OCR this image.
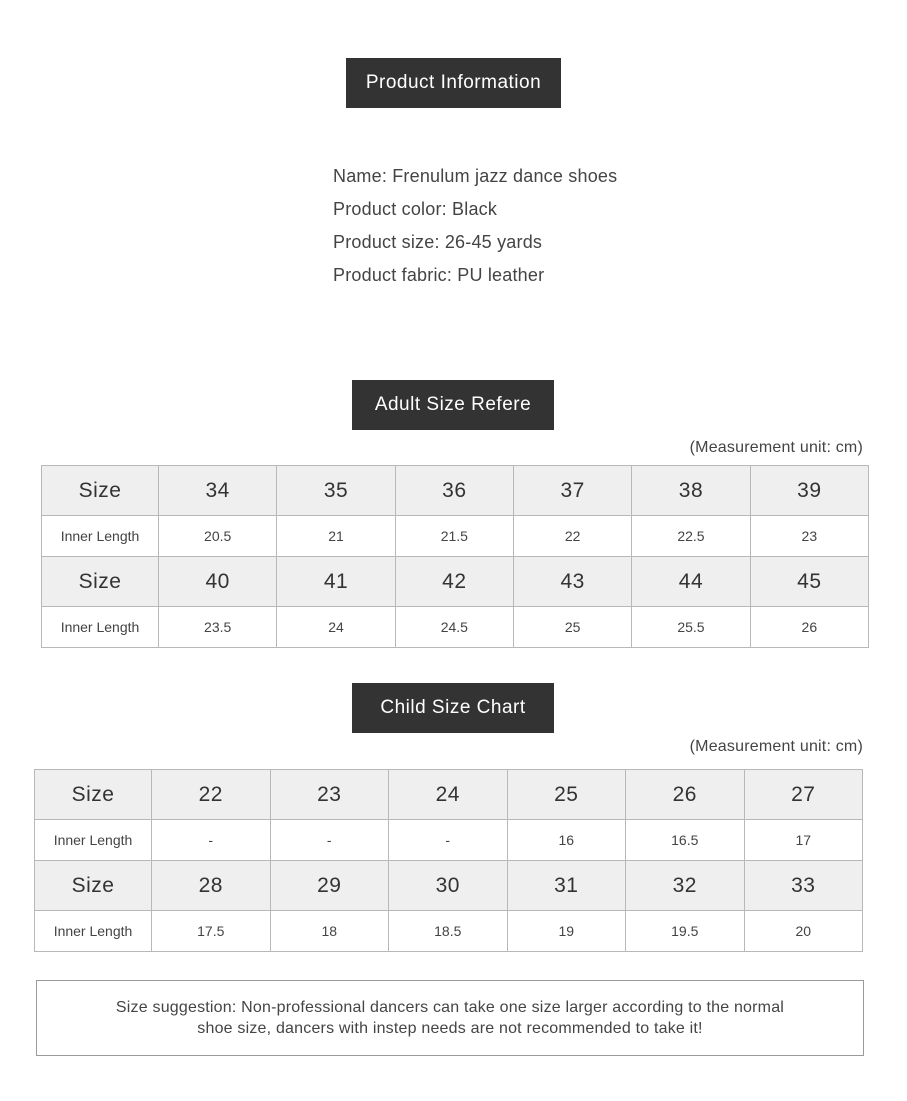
Product Information
Name: Frenulum jazz dance shoes
Product color: Black
Product size: 26-45 yards
Product fabric: PU leather
Adult Size Refere
(Measurement unit: cm)
Size	34	35	36	37	38	39
Inner Length	20.5	21	21.5	22	22.5	23
Size	40	41	42	43	44	45
Inner Length	23.5	24	24.5	25	25.5	26
Child Size Chart
(Measurement unit: cm)
Size	22	23	24	25	26	27
Inner Length	-	-	-	16	16.5	17
Size	28	29	30	31	32	33
Inner Length	17.5	18	18.5	19	19.5	20
Size suggestion: Non-professional dancers can take one size larger according to the normal
shoe size, dancers with instep needs are not recommended to take it!
